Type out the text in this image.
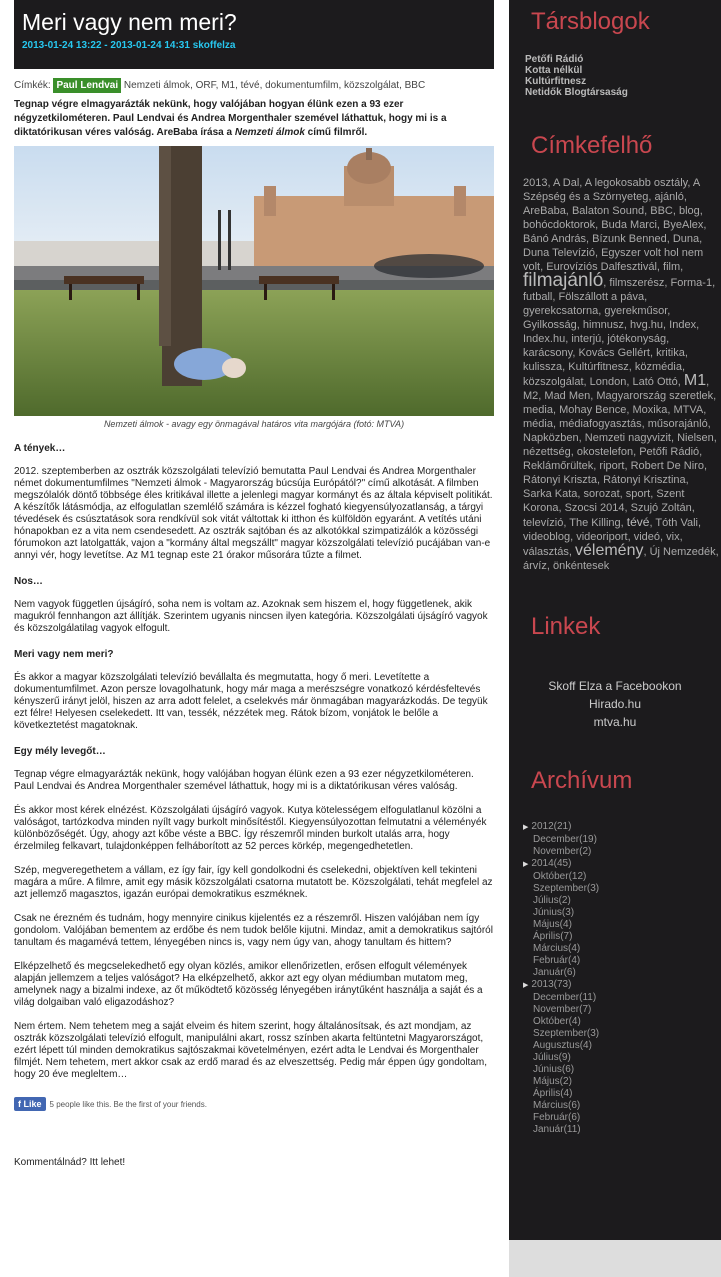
Meri vagy nem meri?
2013-01-24 13:22 - 2013-01-24 14:31 skoffelza
Címkék: Paul Lendvai Nemzeti álmok, ORF, M1, tévé, dokumentumfilm, közszolgálat, BBC

Tegnap végre elmagyarázták nekünk, hogy valójában hogyan élünk ezen a 93 ezer négyzetkilométeren. Paul Lendvai és Andrea Morgenthaler szemével láthattuk, hogy mi is a diktatórikusan véres valóság. AreBaba írása a Nemzeti álmok című filmről.

Nemzeti álmok - avagy egy önmagával határos vita margójára (fotó: MTVA)

A tények…

2012. szeptemberben az osztrák közszolgálati televízió bemutatta Paul Lendvai és Andrea Morgenthaler német dokumentumfilmes "Nemzeti álmok - Magyarország búcsúja Európától?" című alkotását. A filmben megszólalók döntő többsége éles kritikával illette a jelenlegi magyar kormányt és az általa képviselt politikát. A készítők látásmódja, az elfogulatlan szemlélő számára is kézzel fogható kiegyensúlyozatlanság, a tárgyi tévedések és csúsztatások sora rendkívül sok vitát váltottak ki itthon és külföldön egyaránt. A vetítés utáni hónapokban ez a vita nem csendesedett. Az osztrák sajtóban és az alkotókkal szimpatizálók a közösségi fórumokon azt latolgatták, vajon a "kormány által megszállt" magyar közszolgálati televízió pucájában van-e annyi vér, hogy levetítse. Az M1 tegnap este 21 órakor műsorára tűzte a filmet.

Nos…

Nem vagyok független újságíró, soha nem is voltam az. Azoknak sem hiszem el, hogy függetlenek, akik magukról fennhangon azt állítják. Szerintem ugyanis nincsen ilyen kategória. Közszolgálati újságíró vagyok és közszolgálatilag vagyok elfogult.

Meri vagy nem meri?

És akkor a magyar közszolgálati televízió bevállalta és megmutatta, hogy ő meri. Levetítette a dokumentumfilmet. Azon persze lovagolhatunk, hogy már maga a merészségre vonatkozó kérdésfeltevés kényszerű irányt jelöl, hiszen az arra adott felelet, a cselekvés már önmagában magyarázkodás. De tegyük ezt félre! Helyesen cselekedett. Itt van, tessék, nézzétek meg. Rátok bízom, vonjátok le belőle a következtetést magatoknak.

Egy mély levegőt…

Tegnap végre elmagyarázták nekünk, hogy valójában hogyan élünk ezen a 93 ezer négyzetkilométeren. Paul Lendvai és Andrea Morgenthaler szemével láthattuk, hogy mi is a diktatórikusan véres valóság.

És akkor most kérek elnézést. Közszolgálati újságíró vagyok. Kutya kötelességem elfogulatlanul közölni a valóságot, tartózkodva minden nyílt vagy burkolt minősítéstől. Kiegyensúlyozottan felmutatni a véleményék különbözőségét. Úgy, ahogy azt kőbe véste a BBC. Így részemről minden burkolt utalás arra, hogy érzelmileg felkavart, tulajdonképpen felháborított az 52 perces körkép, megengedhetetlen.

Szép, megveregethetem a vállam, ez így fair, így kell gondolkodni és cselekedni, objektíven kell tekinteni magára a műre. A filmre, amit egy másik közszolgálati csatorna mutatott be. Közszolgálati, tehát megfelel az azt jellemző magasztos, igazán európai demokratikus eszméknek.

Csak ne érezném és tudnám, hogy mennyire cinikus kijelentés ez a részemről. Hiszen valójában nem így gondolom. Valójában bementem az erdőbe és nem tudok belőle kijutni. Mindaz, amit a demokratikus sajtóról tanultam és magamévá tettem, lényegében nincs is, vagy nem úgy van, ahogy tanultam és hittem?

Elképzelhető és megcselekedhető egy olyan közlés, amikor ellenőrizetlen, erősen elfogult vélemények alapján jellemzem a teljes valóságot? Ha elképzelhető, akkor azt egy olyan médiumban mutatom meg, amelynek nagy a bizalmi indexe, az őt működtető közösség lényegében iránytűként használja a saját és a világ dolgaiban való eligazodáshoz?

Nem értem. Nem tehetem meg a saját elveim és hitem szerint, hogy általánosítsak, és azt mondjam, az osztrák közszolgálati televízió elfogult, manipulálni akart, rossz színben akarta feltüntetni Magyarországot, ezért lépett túl minden demokratikus sajtószakmai követelményen, ezért adta le Lendvai és Morgenthaler filmjét. Nem tehetem, mert akkor csak az erdő marad és az elveszettség. Pedig már éppen úgy gondoltam, hogy 20 éve megleltem…

f Like	5 people like this. Be the first of your friends.

Kommentálnád? Itt lehet!

Társblogok
Petőfi Rádió
Kotta nélkül
Kultúrfitnesz
Netidők Blogtársaság
Címkefelhő
2013, A Dal, A legokosabb osztály, A Szépség és a Szörnyeteg, ajánló, AreBaba, Balaton Sound, BBC, blog, bohócdoktorok, Buda Marci, ByeAlex, Bánó András, Bízunk Benned, Duna, Duna Televízió, Egyszer volt hol nem volt, Eurovíziós Dalfesztivál, film, filmajánló, filmszerész, Forma-1, futball, Fölszállott a páva, gyerekcsatorna, gyerekműsor, Gyilkosság, himnusz, hvg.hu, Index, Index.hu, interjú, jótékonyság, karácsony, Kovács Gellért, kritika, kulissza, Kultúrfitnesz, közmédia, közszolgálat, London, Lató Ottó, M1, M2, Mad Men, Magyarország szeretlek, media, Mohay Bence, Moxika, MTVA, média, médiafogyasztás, műsorajánló, Napközben, Nemzeti nagyvizit, Nielsen, nézettség, okostelefon, Petőfi Rádió, Reklámőrültek, riport, Robert De Niro, Rátonyi Kriszta, Rátonyi Krisztina, Sarka Kata, sorozat, sport, Szent Korona, Szocsi 2014, Szujó Zoltán, televízió, The Killing, tévé, Tóth Vali, videoblog, videoriport, videó, vix, választás, vélemény, Új Nemzedék, árvíz, önkéntesek
Linkek
Skoff Elza a Facebookon
Hirado.hu
mtva.hu
Archívum
▶ 2012(21)
December(19)
November(2)
▶ 2014(45)
Október(12)
Szeptember(3)
Július(2)
Június(3)
Május(4)
Április(7)
Március(4)
Február(4)
Január(6)
▶ 2013(73)
December(11)
November(7)
Október(4)
Szeptember(3)
Augusztus(4)
Július(9)
Június(6)
Május(2)
Április(4)
Március(6)
Február(6)
Január(11)
